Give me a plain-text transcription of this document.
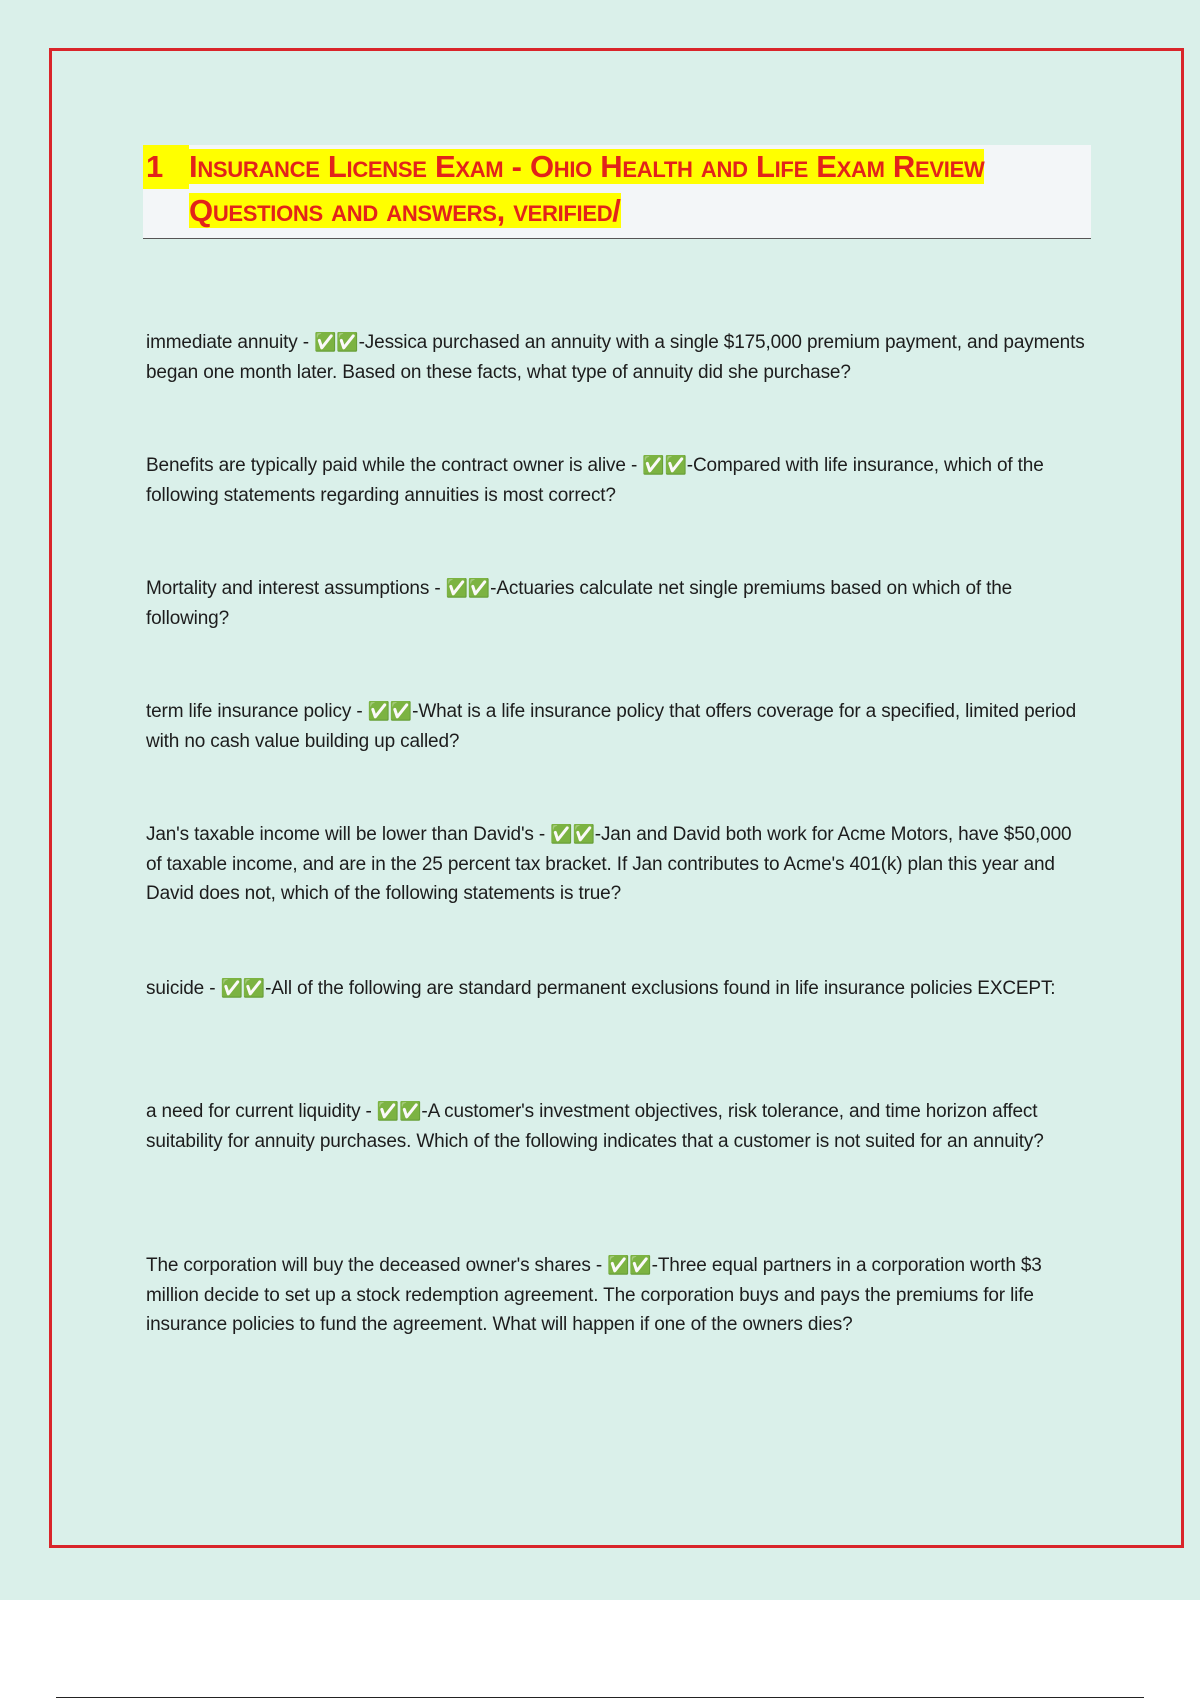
1 Insurance License Exam - Ohio Health and Life Exam Review Questions and answers, verified/
immediate annuity - ✅✅-Jessica purchased an annuity with a single $175,000 premium payment, and payments began one month later. Based on these facts, what type of annuity did she purchase?
Benefits are typically paid while the contract owner is alive - ✅✅-Compared with life insurance, which of the following statements regarding annuities is most correct?
Mortality and interest assumptions - ✅✅-Actuaries calculate net single premiums based on which of the following?
term life insurance policy - ✅✅-What is a life insurance policy that offers coverage for a specified, limited period with no cash value building up called?
Jan's taxable income will be lower than David's - ✅✅-Jan and David both work for Acme Motors, have $50,000 of taxable income, and are in the 25 percent tax bracket. If Jan contributes to Acme's 401(k) plan this year and David does not, which of the following statements is true?
suicide - ✅✅-All of the following are standard permanent exclusions found in life insurance policies EXCEPT:
a need for current liquidity - ✅✅-A customer's investment objectives, risk tolerance, and time horizon affect suitability for annuity purchases. Which of the following indicates that a customer is not suited for an annuity?
The corporation will buy the deceased owner's shares - ✅✅-Three equal partners in a corporation worth $3 million decide to set up a stock redemption agreement. The corporation buys and pays the premiums for life insurance policies to fund the agreement. What will happen if one of the owners dies?
